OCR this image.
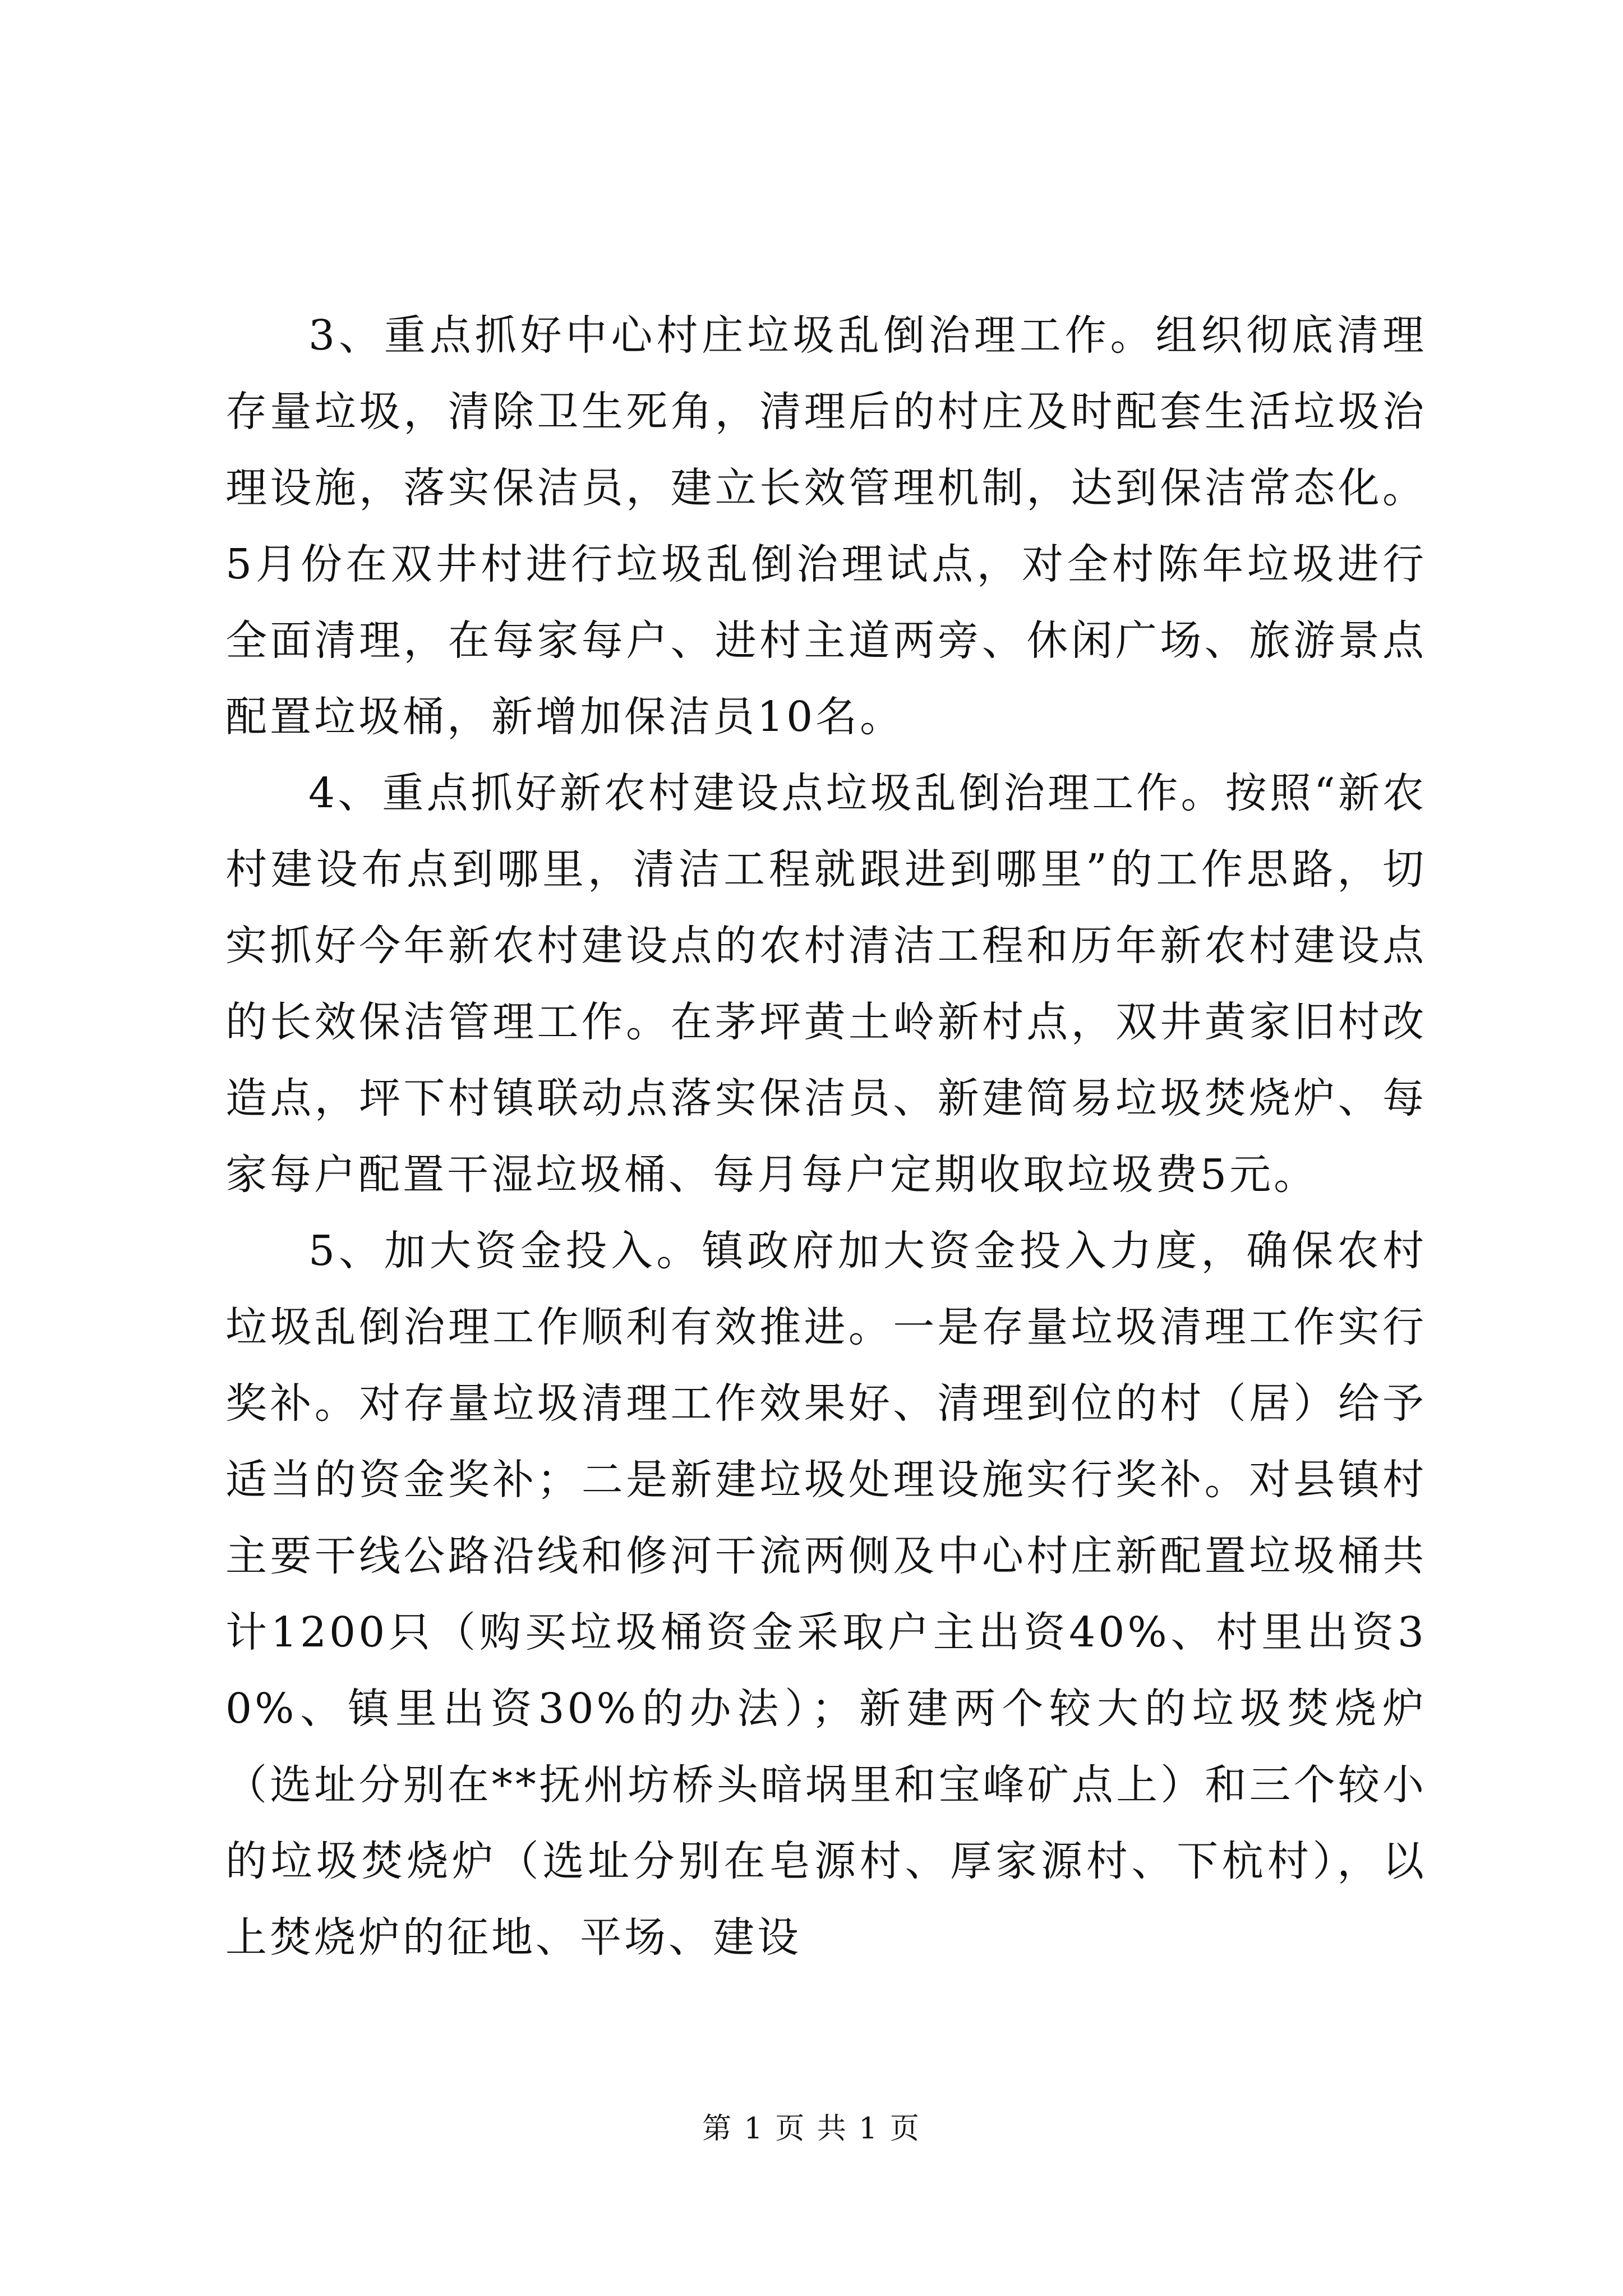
3、重点抓好中心村庄垃圾乱倒治理工作。组织彻底清理存量垃圾，清除卫生死角，清理后的村庄及时配套生活垃圾治理设施，落实保洁员，建立长效管理机制，达到保洁常态化。5月份在双井村进行垃圾乱倒治理试点，对全村陈年垃圾进行全面清理，在每家每户、进村主道两旁、休闲广场、旅游景点配置垃圾桶，新增加保洁员10名。

4、重点抓好新农村建设点垃圾乱倒治理工作。按照“新农村建设布点到哪里，清洁工程就跟进到哪里”的工作思路，切实抓好今年新农村建设点的农村清洁工程和历年新农村建设点的长效保洁管理工作。在茅坪黄土岭新村点，双井黄家旧村改造点，坪下村镇联动点落实保洁员、新建简易垃圾焚烧炉、每家每户配置干湿垃圾桶、每月每户定期收取垃圾费5元。

5、加大资金投入。镇政府加大资金投入力度，确保农村垃圾乱倒治理工作顺利有效推进。一是存量垃圾清理工作实行奖补。对存量垃圾清理工作效果好、清理到位的村（居）给予适当的资金奖补；二是新建垃圾处理设施实行奖补。对县镇村主要干线公路沿线和修河干流两侧及中心村庄新配置垃圾桶共计1200只（购买垃圾桶资金采取户主出资40%、村里出资30%、镇里出资30%的办法）；新建两个较大的垃圾焚烧炉（选址分别在**抚州坊桥头暗埚里和宝峰矿点上）和三个较小的垃圾焚烧炉（选址分别在皂源村、厚家源村、下杭村），以上焚烧炉的征地、平场、建设

第 1 页 共 1 页
